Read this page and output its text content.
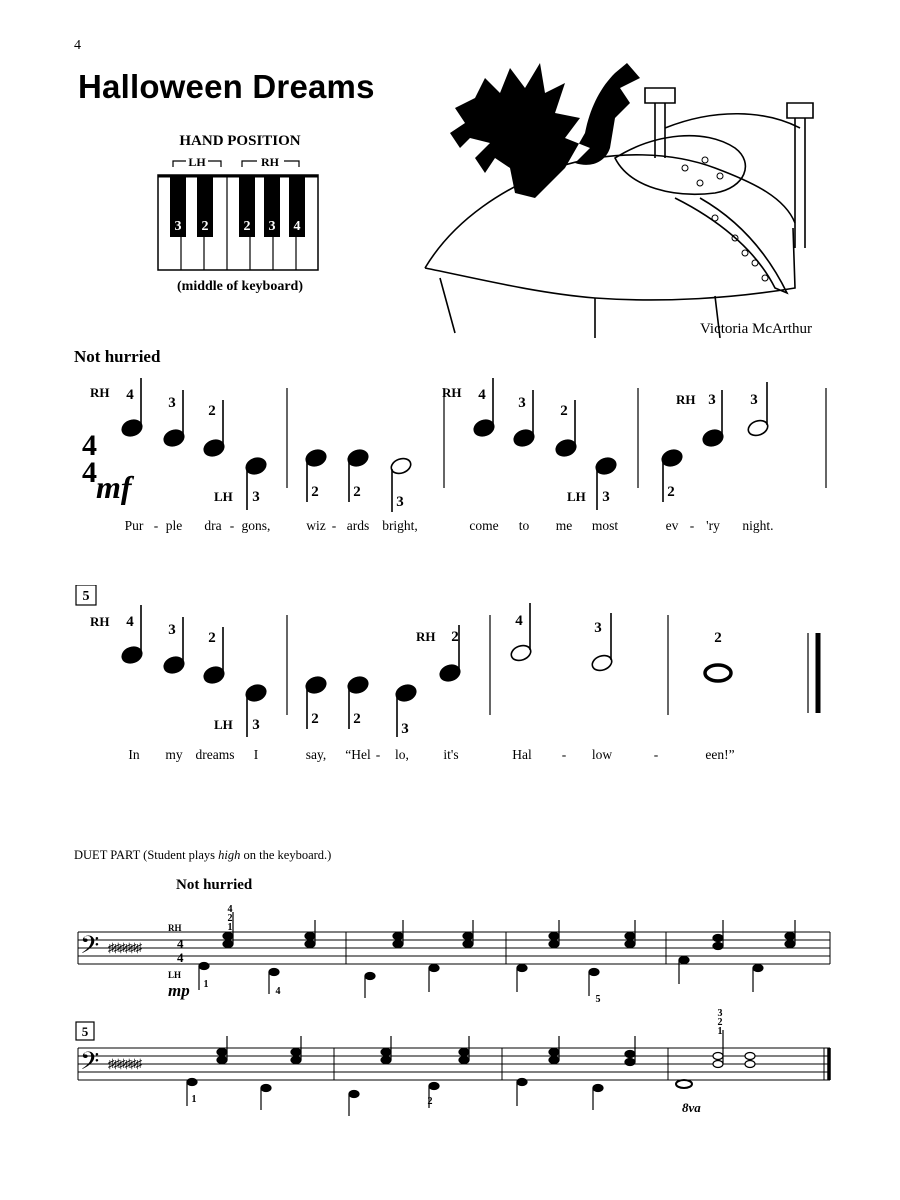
4
Halloween Dreams
HAND POSITION
LH	RH
3 2	2 3 4
(middle of keyboard)
Victoria McArthur
Not hurried
4
4 mf
RH
LH
RH
LH
RH
4 3 2
3	2 2
3
4 3 2
3	2
3 3
Pur - ple dra - gons,	wiz - ards bright,	come to me most	ev - 'ry night.
5
RH
LH
RH
4 3 2
3	2 2
3
2
4	3
2
In my dreams I	say, “Hel - lo,	it's	Hal - low	-	een!”
DUET PART (Student plays high on the keyboard.)
Not hurried
𝄢 ♯♯♯♯♯♯
RH
LH
4
4
mp
4
2
1
1
4
5
5
𝄢 ♯♯♯♯♯♯
1	2
3
2
1
8va
